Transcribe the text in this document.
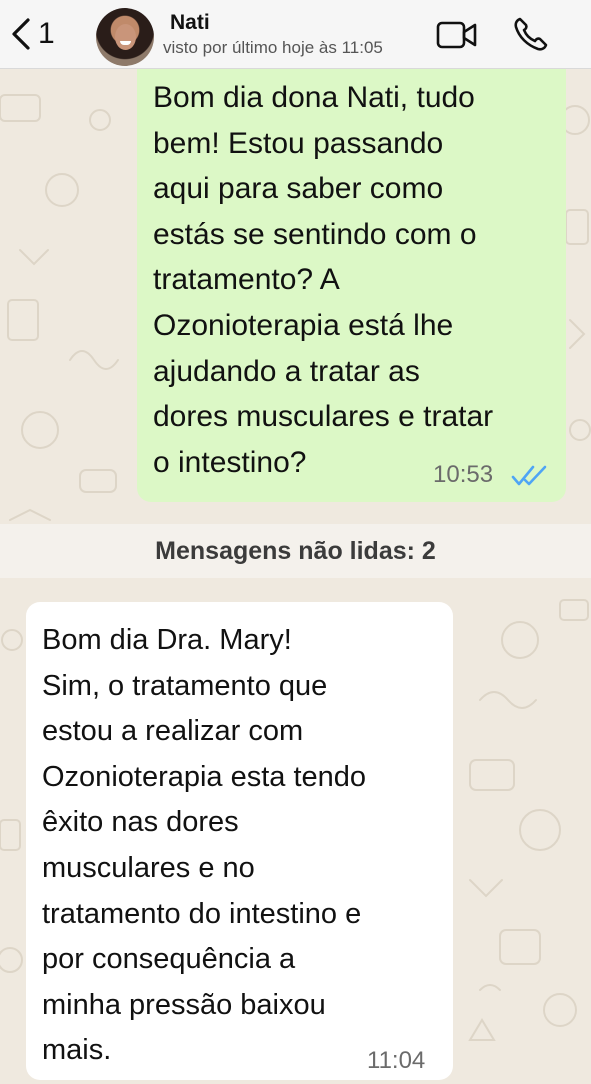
1	Nati
visto por último hoje às 11:05
Bom dia dona Nati, tudo
bem! Estou passando
aqui para saber como
estás se sentindo com o
tratamento? A
Ozonioterapia está lhe
ajudando a tratar as
dores musculares e tratar
o intestino?	10:53
Mensagens não lidas: 2
Bom dia Dra. Mary!
Sim, o tratamento que
estou a realizar com
Ozonioterapia esta tendo
êxito nas dores
musculares e no
tratamento do intestino e
por consequência a
minha pressão baixou
mais.	11:04
